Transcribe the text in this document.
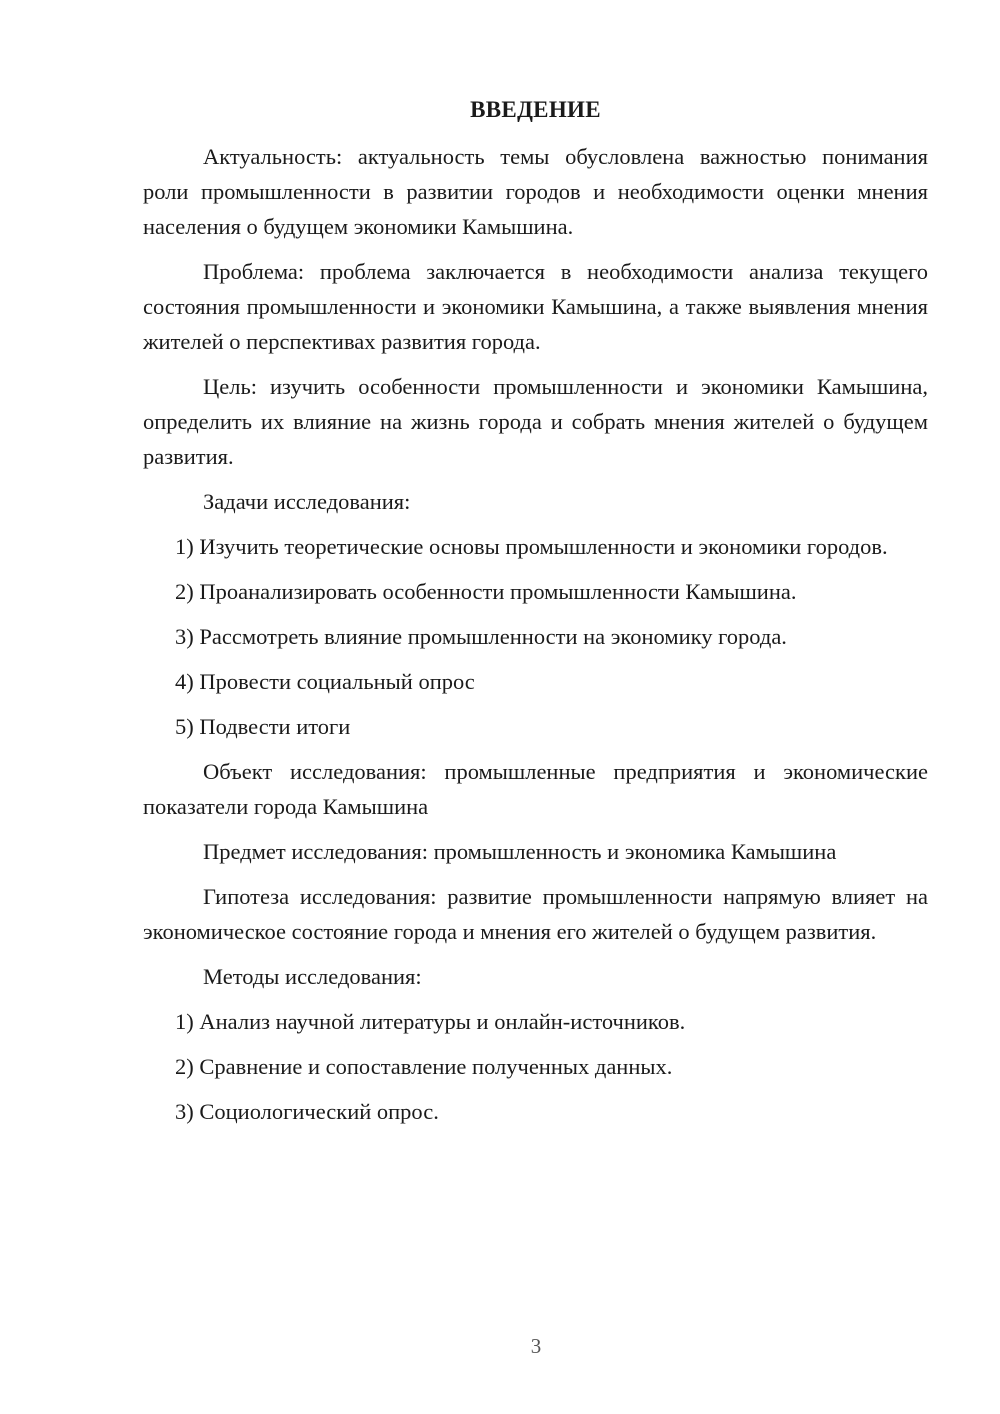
ВВЕДЕНИЕ

Актуальность: актуальность темы обусловлена важностью понимания роли промышленности в развитии городов и необходимости оценки мнения населения о будущем экономики Камышина.

Проблема: проблема заключается в необходимости анализа текущего состояния промышленности и экономики Камышина, а также выявления мнения жителей о перспективах развития города.

Цель: изучить особенности промышленности и экономики Камышина, определить их влияние на жизнь города и собрать мнения жителей о будущем развития.

Задачи исследования:

1) Изучить теоретические основы промышленности и экономики городов.

2) Проанализировать особенности промышленности Камышина.

3) Рассмотреть влияние промышленности на экономику города.

4) Провести социальный опрос

5) Подвести итоги

Объект исследования: промышленные предприятия и экономические показатели города Камышина

Предмет исследования: промышленность и экономика Камышина

Гипотеза исследования: развитие промышленности напрямую влияет на экономическое состояние города и мнения его жителей о будущем развития.

Методы исследования:

1) Анализ научной литературы и онлайн-источников.

2) Сравнение и сопоставление полученных данных.

3) Социологический опрос.

3
